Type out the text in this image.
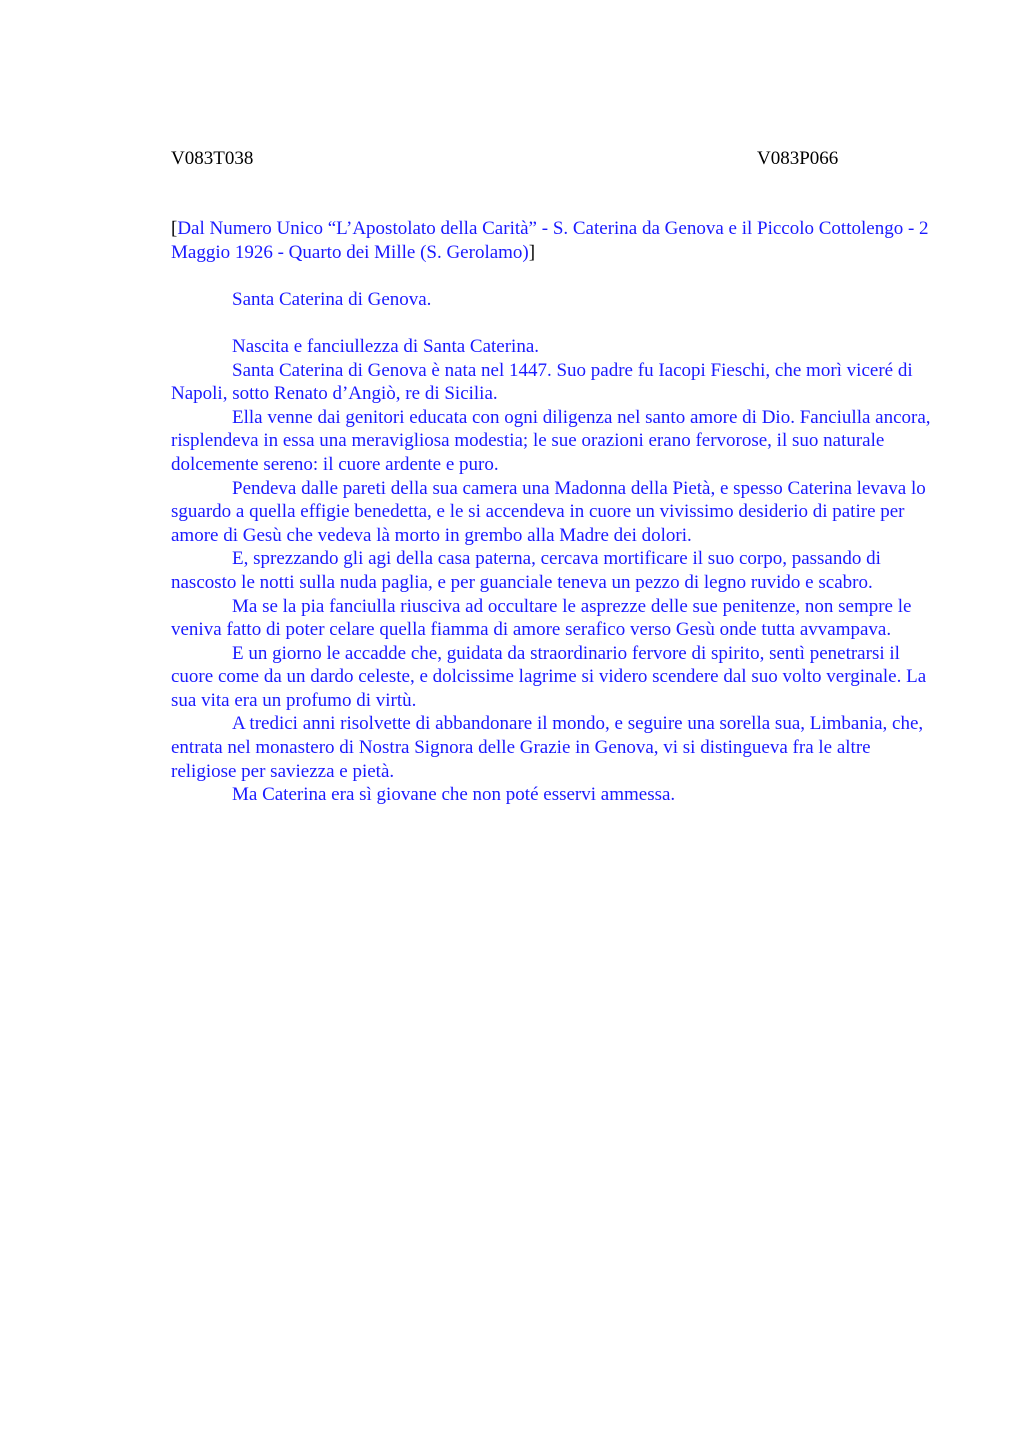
V083T038	V083P066

[Dal Numero Unico “L’Apostolato della Carità” - S. Caterina da Genova e il Piccolo Cottolengo - 2 Maggio 1926 - Quarto dei Mille (S. Gerolamo)]

Santa Caterina di Genova.

Nascita e fanciullezza di Santa Caterina.

Santa Caterina di Genova è nata nel 1447. Suo padre fu Iacopi Fieschi, che morì viceré di Napoli, sotto Renato d’Angiò, re di Sicilia.

Ella venne dai genitori educata con ogni diligenza nel santo amore di Dio. Fanciulla ancora, risplendeva in essa una meravigliosa modestia; le sue orazioni erano fervorose, il suo naturale dolcemente sereno: il cuore ardente e puro.

Pendeva dalle pareti della sua camera una Madonna della Pietà, e spesso Caterina levava lo sguardo a quella effigie benedetta, e le si accendeva in cuore un vivissimo desiderio di patire per amore di Gesù che vedeva là morto in grembo alla Madre dei dolori.

E, sprezzando gli agi della casa paterna, cercava mortificare il suo corpo, passando di nascosto le notti sulla nuda paglia, e per guanciale teneva un pezzo di legno ruvido e scabro.

Ma se la pia fanciulla riusciva ad occultare le asprezze delle sue penitenze, non sempre le veniva fatto di poter celare quella fiamma di amore serafico verso Gesù onde tutta avvampava.

E un giorno le accadde che, guidata da straordinario fervore di spirito, sentì penetrarsi il cuore come da un dardo celeste, e dolcissime lagrime si videro scendere dal suo volto verginale. La sua vita era un profumo di virtù.

A tredici anni risolvette di abbandonare il mondo, e seguire una sorella sua, Limbania, che, entrata nel monastero di Nostra Signora delle Grazie in Genova, vi si distingueva fra le altre religiose per saviezza e pietà.

Ma Caterina era sì giovane che non poté esservi ammessa.
